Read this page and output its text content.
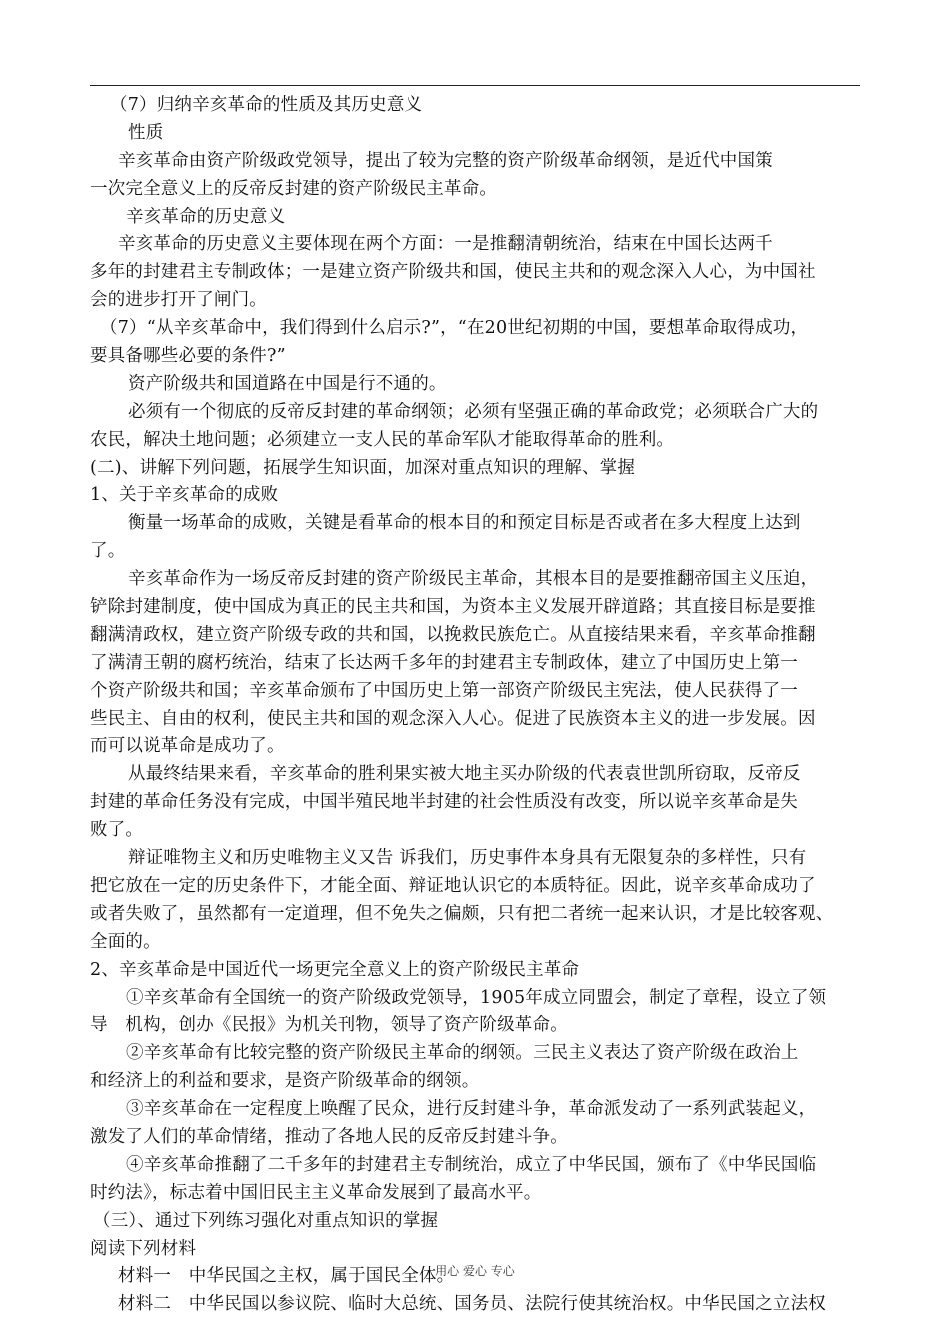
（7）归纳辛亥革命的性质及其历史意义
性质
辛亥革命由资产阶级政党领导，提出了较为完整的资产阶级革命纲领，是近代中国策
一次完全意义上的反帝反封建的资产阶级民主革命。
辛亥革命的历史意义
辛亥革命的历史意义主要体现在两个方面：一是推翻清朝统治，结束在中国长达两千
多年的封建君主专制政体；一是建立资产阶级共和国，使民主共和的观念深入人心，为中国社
会的进步打开了闸门。
（7）“从辛亥革命中，我们得到什么启示?”，“在20世纪初期的中国，要想革命取得成功，
要具备哪些必要的条件?”
资产阶级共和国道路在中国是行不通的。
必须有一个彻底的反帝反封建的革命纲领；必须有坚强正确的革命政党；必须联合广大的
农民，解决土地问题；必须建立一支人民的革命军队才能取得革命的胜利。
(二)、讲解下列问题，拓展学生知识面，加深对重点知识的理解、掌握
1、关于辛亥革命的成败
衡量一场革命的成败，关键是看革命的根本目的和预定目标是否或者在多大程度上达到
了。
辛亥革命作为一场反帝反封建的资产阶级民主革命，其根本目的是要推翻帝国主义压迫，
铲除封建制度，使中国成为真正的民主共和国，为资本主义发展开辟道路；其直接目标是要推
翻满清政权，建立资产阶级专政的共和国，以挽救民族危亡。从直接结果来看，辛亥革命推翻
了满清王朝的腐朽统治，结束了长达两千多年的封建君主专制政体，建立了中国历史上第一
个资产阶级共和国；辛亥革命颁布了中国历史上第一部资产阶级民主宪法，使人民获得了一
些民主、自由的权利，使民主共和国的观念深入人心。促进了民族资本主义的进一步发展。因
而可以说革命是成功了。
从最终结果来看，辛亥革命的胜利果实被大地主买办阶级的代表袁世凯所窃取，反帝反
封建的革命任务没有完成，中国半殖民地半封建的社会性质没有改变，所以说辛亥革命是失
败了。
辩证唯物主义和历史唯物主义又告 诉我们，历史事件本身具有无限复杂的多样性，只有
把它放在一定的历史条件下，才能全面、辩证地认识它的本质特征。因此，说辛亥革命成功了
或者失败了，虽然都有一定道理，但不免失之偏颇，只有把二者统一起来认识，才是比较客观、
全面的。
2、辛亥革命是中国近代一场更完全意义上的资产阶级民主革命
①辛亥革命有全国统一的资产阶级政党领导，1905年成立同盟会，制定了章程，设立了领
导　机构，创办《民报》为机关刊物，领导了资产阶级革命。
②辛亥革命有比较完整的资产阶级民主革命的纲领。三民主义表达了资产阶级在政治上
和经济上的利益和要求，是资产阶级革命的纲领。
③辛亥革命在一定程度上唤醒了民众，进行反封建斗争，革命派发动了一系列武装起义，
激发了人们的革命情绪，推动了各地人民的反帝反封建斗争。
④辛亥革命推翻了二千多年的封建君主专制统治，成立了中华民国，颁布了《中华民国临
时约法》，标志着中国旧民主主义革命发展到了最高水平。
（三）、通过下列练习强化对重点知识的掌握
阅读下列材料
材料一　中华民国之主权，属于国民全体。
材料二　中华民国以参议院、临时大总统、国务员、法院行使其统治权。中华民国之立法权
用心 爱心 专心
